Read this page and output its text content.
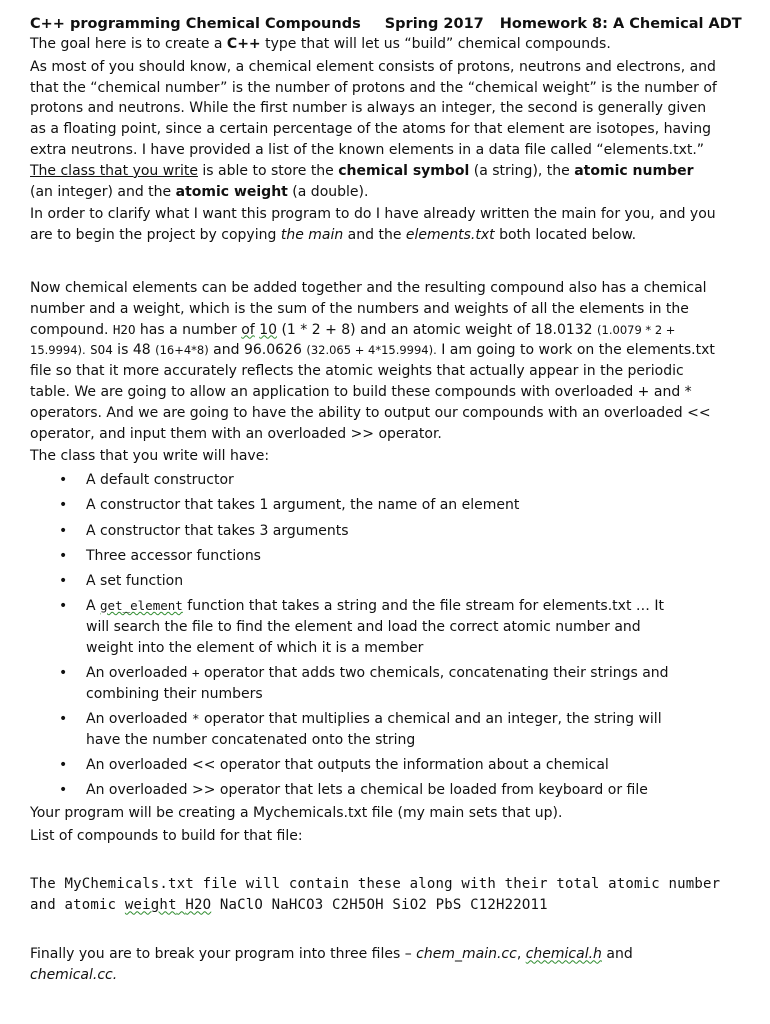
C++ programming Chemical Compounds Spring 2017 Homework 8: A Chemical ADT

The goal here is to create a C++ type that will let us “build” chemical compounds.

As most of you should know, a chemical element consists of protons, neutrons and electrons, and that the “chemical number” is the number of protons and the “chemical weight” is the number of protons and neutrons. While the first number is always an integer, the second is generally given as a floating point, since a certain percentage of the atoms for that element are isotopes, having extra neutrons. I have provided a list of the known elements in a data file called “elements.txt.” The class that you write is able to store the chemical symbol (a string), the atomic number (an integer) and the atomic weight (a double).

In order to clarify what I want this program to do I have already written the main for you, and you are to begin the project by copying the main and the elements.txt both located below.

Now chemical elements can be added together and the resulting compound also has a chemical number and a weight, which is the sum of the numbers and weights of all the elements in the compound. H2O has a number of 10 (1 * 2 + 8) and an atomic weight of 18.0132 (1.0079 * 2 + 15.9994). SO4 is 48 (16+4*8) and 96.0626 (32.065 + 4*15.9994). I am going to work on the elements.txt file so that it more accurately reflects the atomic weights that actually appear in the periodic table. We are going to allow an application to build these compounds with overloaded + and * operators. And we are going to have the ability to output our compounds with an overloaded << operator, and input them with an overloaded >> operator.

The class that you write will have:

• A default constructor
• A constructor that takes 1 argument, the name of an element
• A constructor that takes 3 arguments
• Three accessor functions
• A set function
• A get_element function that takes a string and the file stream for elements.txt … It will search the file to find the element and load the correct atomic number and weight into the element of which it is a member
• An overloaded + operator that adds two chemicals, concatenating their strings and combining their numbers
• An overloaded * operator that multiplies a chemical and an integer, the string will have the number concatenated onto the string
• An overloaded << operator that outputs the information about a chemical
• An overloaded >> operator that lets a chemical be loaded from keyboard or file

Your program will be creating a Mychemicals.txt file (my main sets that up).

List of compounds to build for that file:

The MyChemicals.txt file will contain these along with their total atomic number and atomic weight H2O NaClO NaHCO3 C2H5OH SiO2 PbS C12H22O11

Finally you are to break your program into three files – chem_main.cc, chemical.h and chemical.cc.
